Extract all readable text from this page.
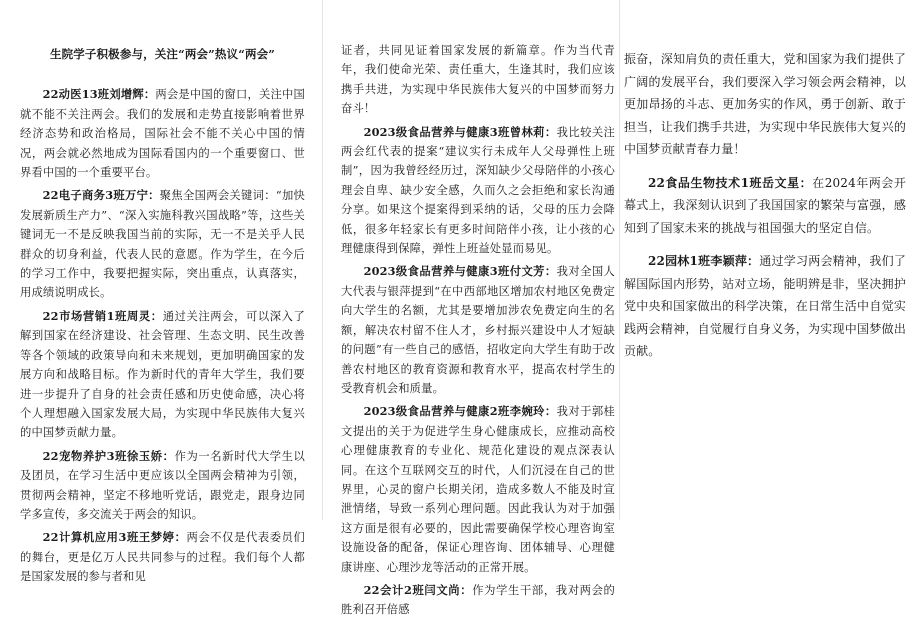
生院学子积极参与，关注“两会”热议“两会”

22动医13班刘增辉：两会是中国的窗口，关注中国就不能不关注两会。我们的发展和走势直接影响着世界经济态势和政治格局，国际社会不能不关心中国的情况，两会就必然地成为国际看国内的一个重要窗口、世界看中国的一个重要平台。

22电子商务3班万宁：聚焦全国两会关键词：“加快发展新质生产力”、“深入实施科教兴国战略”等，这些关键词无一不是反映我国当前的实际，无一不是关乎人民群众的切身利益，代表人民的意愿。作为学生，在今后的学习工作中，我要把握实际，突出重点，认真落实，用成绩说明成长。

22市场营销1班周灵：通过关注两会，可以深入了解到国家在经济建设、社会管理、生态文明、民生改善等各个领域的政策导向和未来规划，更加明确国家的发展方向和战略目标。作为新时代的青年大学生，我们要进一步提升了自身的社会责任感和历史使命感，决心将个人理想融入国家发展大局，为实现中华民族伟大复兴的中国梦贡献力量。

22宠物养护3班徐玉娇：作为一名新时代大学生以及团员，在学习生活中更应该以全国两会精神为引领，贯彻两会精神，坚定不移地听党话，跟党走，跟身边同学多宣传，多交流关于两会的知识。

22计算机应用3班王梦婷：两会不仅是代表委员们的舞台，更是亿万人民共同参与的过程。我们每个人都是国家发展的参与者和见

证者，共同见证着国家发展的新篇章。作为当代青年，我们使命光荣、责任重大，生逢其时，我们应该携手共进，为实现中华民族伟大复兴的中国梦而努力奋斗！

2023级食品营养与健康3班曾林莉：我比较关注两会红代表的提案“建议实行未成年人父母弹性上班制”，因为我曾经经历过，深知缺少父母陪伴的小孩心理会自卑、缺少安全感，久而久之会拒绝和家长沟通分享。如果这个提案得到采纳的话，父母的压力会降低，很多年轻家长有更多时间陪伴小孩，让小孩的心理健康得到保障，弹性上班益处显而易见。

2023级食品营养与健康3班付文芳：我对全国人大代表与银萍提到“在中西部地区增加农村地区免费定向大学生的名额，尤其是要增加涉农免费定向生的名额，解决农村留不住人才，乡村振兴建设中人才短缺的问题”有一些自己的感悟，招收定向大学生有助于改善农村地区的教育资源和教育水平，提高农村学生的受教育机会和质量。

2023级食品营养与健康2班李婉玲：我对于郭桂文提出的关于为促进学生身心健康成长，应推动高校心理健康教育的专业化、规范化建设的观点深表认同。在这个互联网交互的时代，人们沉浸在自己的世界里，心灵的窗户长期关闭，造成多数人不能及时宣泄情绪，导致一系列心理问题。因此我认为对于加强这方面是很有必要的，因此需要确保学校心理咨询室设施设备的配备，保证心理咨询、团体辅导、心理健康讲座、心理沙龙等活动的正常开展。

22会计2班闫文尚：作为学生干部，我对两会的胜利召开倍感

振奋，深知肩负的责任重大，党和国家为我们提供了广阔的发展平台，我们要深入学习领会两会精神，以更加昂扬的斗志、更加务实的作风，勇于创新、敢于担当，让我们携手共进，为实现中华民族伟大复兴的中国梦贡献青春力量！

22食品生物技术1班岳文星：在2024年两会开幕式上，我深刻认识到了我国国家的繁荣与富强，感知到了国家未来的挑战与祖国强大的坚定自信。

22园林1班李颖萍：通过学习两会精神，我们了解国际国内形势，站对立场，能明辨是非，坚决拥护党中央和国家做出的科学决策，在日常生活中自觉实践两会精神，自觉履行自身义务，为实现中国梦做出贡献。
